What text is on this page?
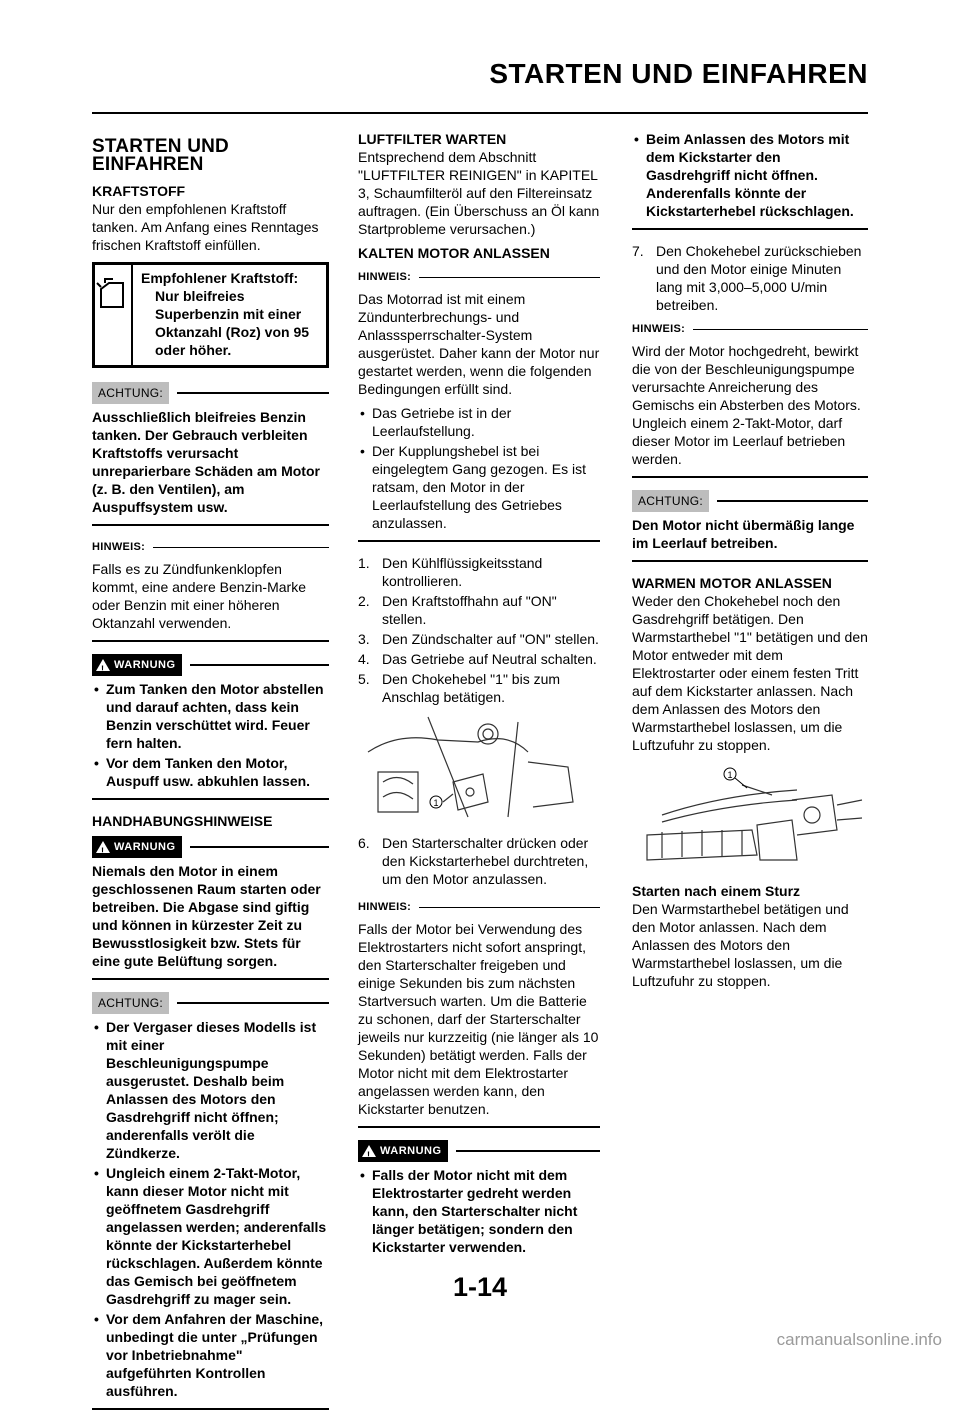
STARTEN UND EINFAHREN
STARTEN UND EINFAHREN
KRAFTSTOFF

Nur den empfohlenen Kraftstoff tanken. Am Anfang eines Renntages frischen Kraftstoff einfüllen.

Empfohlener Kraftstoff:
Nur bleifreies Superbenzin mit einer Oktanzahl (Roz) von 95 oder höher.
ACHTUNG:

Ausschließlich bleifreies Benzin tanken. Der Gebrauch verbleiten Kraftstoffs verursacht unreparierbare Schäden am Motor (z. B. den Ventilen), am Auspuffsystem usw.

HINWEIS:

Falls es zu Zündfunkenklopfen kommt, eine andere Benzin-Marke oder Benzin mit einer höheren Oktanzahl verwenden.

!
WARNUNG
• Zum Tanken den Motor abstellen und darauf achten, dass kein Benzin verschüttet wird. Feuer fern halten.
• Vor dem Tanken den Motor, Auspuff usw. abkuhlen lassen.
HANDHABUNGSHINWEISE
!
WARNUNG

Niemals den Motor in einem geschlossenen Raum starten oder betreiben. Die Abgase sind giftig und können in kürzester Zeit zu Bewusstlosigkeit bzw. Stets für eine gute Belüftung sorgen.

ACHTUNG:
• Der Vergaser dieses Modells ist mit einer Beschleunigungspumpe ausgerustet. Deshalb beim Anlassen des Motors den Gasdrehgriff nicht öffnen; anderenfalls verölt die Zündkerze.
• Ungleich einem 2-Takt-Motor, kann dieser Motor nicht mit geöffnetem Gasdrehgriff angelassen werden; anderenfalls könnte der Kickstarterhebel rückschlagen. Außerdem könnte das Gemisch bei geöffnetem Gasdrehgriff zu mager sein.
• Vor dem Anfahren der Maschine, unbedingt die unter „Prüfungen vor Inbetriebnahme" aufgeführten Kontrollen ausführen.
LUFTFILTER WARTEN

Entsprechend dem Abschnitt "LUFTFILTER REINIGEN" in KAPITEL 3, Schaumfilteröl auf den Filtereinsatz auftragen. (Ein Überschuss an Öl kann Startprobleme verursachen.)

KALTEN MOTOR ANLASSEN
HINWEIS:

Das Motorrad ist mit einem Zündunterbrechungs- und Anlasssperrschalter-System ausgerüstet. Daher kann der Motor nur gestartet werden, wenn die folgenden Bedingungen erfüllt sind.

• Das Getriebe ist in der Leerlaufstellung.
• Der Kupplungshebel ist bei eingelegtem Gang gezogen. Es ist ratsam, den Motor in der Leerlaufstellung des Getriebes anzulassen.
1. Den Kühlflüssigkeitsstand kontrollieren.
2. Den Kraftstoffhahn auf "ON" stellen.
3. Den Zündschalter auf "ON" stellen.
4. Das Getriebe auf Neutral schalten.
5. Den Chokehebel "1" bis zum Anschlag betätigen.
1
6. Den Starterschalter drücken oder den Kickstarterhebel durchtreten, um den Motor anzulassen.
HINWEIS:

Falls der Motor bei Verwendung des Elektrostarters nicht sofort anspringt, den Starterschalter freigeben und einige Sekunden bis zum nächsten Startversuch warten. Um die Batterie zu schonen, darf der Starterschalter jeweils nur kurzzeitig (nie länger als 10 Sekunden) betätigt werden. Falls der Motor nicht mit dem Elektrostarter angelassen werden kann, den Kickstarter benutzen.

!
WARNUNG
• Falls der Motor nicht mit dem Elektrostarter gedreht werden kann, den Starterschalter nicht länger betätigen; sondern den Kickstarter verwenden.
• Beim Anlassen des Motors mit dem Kickstarter den Gasdrehgriff nicht öffnen. Anderenfalls könnte der Kickstarterhebel rückschlagen.
7. Den Chokehebel zurückschieben und den Motor einige Minuten lang mit 3,000–5,000 U/min betreiben.
HINWEIS:

Wird der Motor hochgedreht, bewirkt die von der Beschleunigungspumpe verursachte Anreicherung des Gemischs ein Absterben des Motors. Ungleich einem 2-Takt-Motor, darf dieser Motor im Leerlauf betrieben werden.

ACHTUNG:

Den Motor nicht übermäßig lange im Leerlauf betreiben.

WARMEN MOTOR ANLASSEN

Weder den Chokehebel noch den Gasdrehgriff betätigen. Den Warmstarthebel "1" betätigen und den Motor entweder mit dem Elektrostarter oder einem festen Tritt auf dem Kickstarter anlassen. Nach dem Anlassen des Motors den Warmstarthebel loslassen, um die Luftzufuhr zu stoppen.

1
Starten nach einem Sturz

Den Warmstarthebel betätigen und den Motor anlassen. Nach dem Anlassen des Motors den Warmstarthebel loslassen, um die Luftzufuhr zu stoppen.

1-14
carmanualsonline.info
